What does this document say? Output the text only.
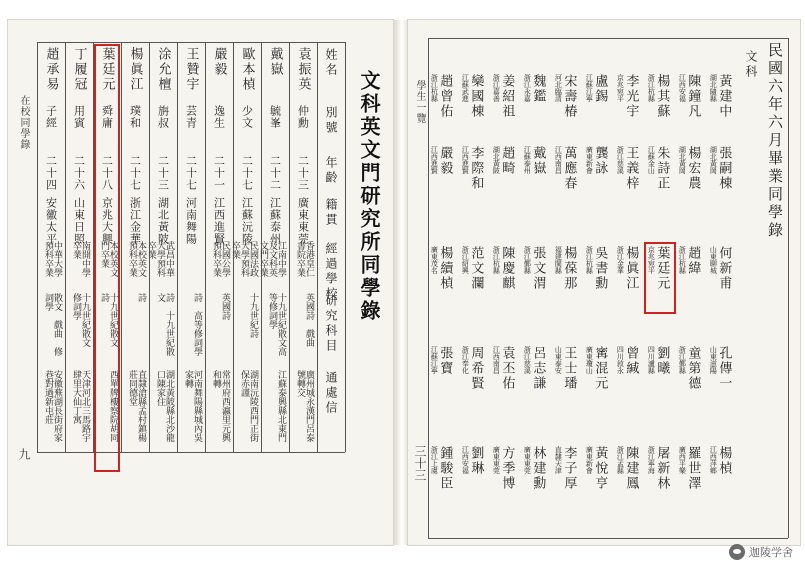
在校同學錄
九
文科英文門研究所同學錄
姓名
別號
年齡
籍貫
經過學校
研究科目
通處信
袁振英
仲勳
二十三
廣東東莞
香港皇仁書院卒業
英國詩　戲曲
廣州城永漢門呂泰號轉交
戴嶽
毓峯
二十二
江蘇泰州
江南中學及文科英文門卒業
十九世紀散文高等修詞學
江蘇泰興縣北東門
歐本楨
少文
二十七
江蘇沅陵
民國法政大學預科卒業
十九世紀詩
湖南沅陵西門正街保赤謹
嚴毅
逸生
二十一
江西進賢
民國公學預科卒業
英國詩
常州府西瀛里元興和轉
王贊宇
芸青
二十七
河南舞陽
詩　高等修詞學
河南舞陽縣城內吳家轉
涂允檀
旃叔
二十三
湖北黃陂
武昌中華大學預科卒業
詩　十九世紀散文
湖北黃陂縣北沙龍口陳家住
楊眞江
璞和
二十七
浙江金華
本校英文預科卒業
詩
直隸滄縣孟村鎮楊莊同德堂
葉廷元
舜庸
二十八
京兆大興
本校英文門卒業
十九世紀散文　詩
西單牌樓察院胡同
丁履冠
用賓
二十六
山東日照
南開中學卒業
十九世紀散文　修詞學
天津河北三馬路宇肆里大仙丁寓
趙承易
子經
二十四
安徽太平
中華大學預科卒業
散文　戲曲　修詞學
安徽蕪湖長街府家巷對過新屯莊
學生一覽
三十三
民國六年六月畢業同學錄
文科
黃建中
湖北隨縣
陳鐘凡
江西安福
楊其蘇
浙江杭縣
李光宇
京兆宛平
盧錫
江蘇江寧
宋壽椿
河北臨清
魏鑑
浙江永嘉
姜紹祖
浙江嘉善
欒國棟
江蘇武進
趙曾佑
浙江杭縣
張嗣棟
湖北黃岡
楊宏農
湖北黃岡
朱詩正
江蘇金山
王義梓
浙江慈溪
龔詠
廣東新會
萬應春
江西南昌
戴嶽
江蘇泰州
趙畸
湖北黃陂
李際和
江西進賢
嚴毅
江西進賢
何新甫
山東聊城
趙緯
浙江杭縣
葉廷元
京兆宛平
楊眞江
浙江金華
吳書勳
浙江杭縣
楊葆那
福建閩縣
張文渭
浙江鄞縣
陳慶麒
浙江杭縣
范文瀾
浙江紹興
楊續楨
廣東茂名
孔傳一
山東滋陽
童第德
浙江鄞縣
劉曦
四川瀘縣
曾緘
四川敘永
寗混元
廣東瓊山
王士璠
山東泰安
呂志謙
浙江慈溪
袁丕佑
江西南昌
周希賢
浙江奉化
張寶
江蘇江寧
楊楨
江西萍鄉
羅世澤
廣西平樂
屠新林
浙江寧海
陳建鳳
浙江孟縣
黃悅亨
廣東新會
李子厚
直隸天津
林建勳
廣東東莞
方季博
廣東東莞
劉琳
江西安福
鍾駿臣
浙江上虞
迦陵学舍
